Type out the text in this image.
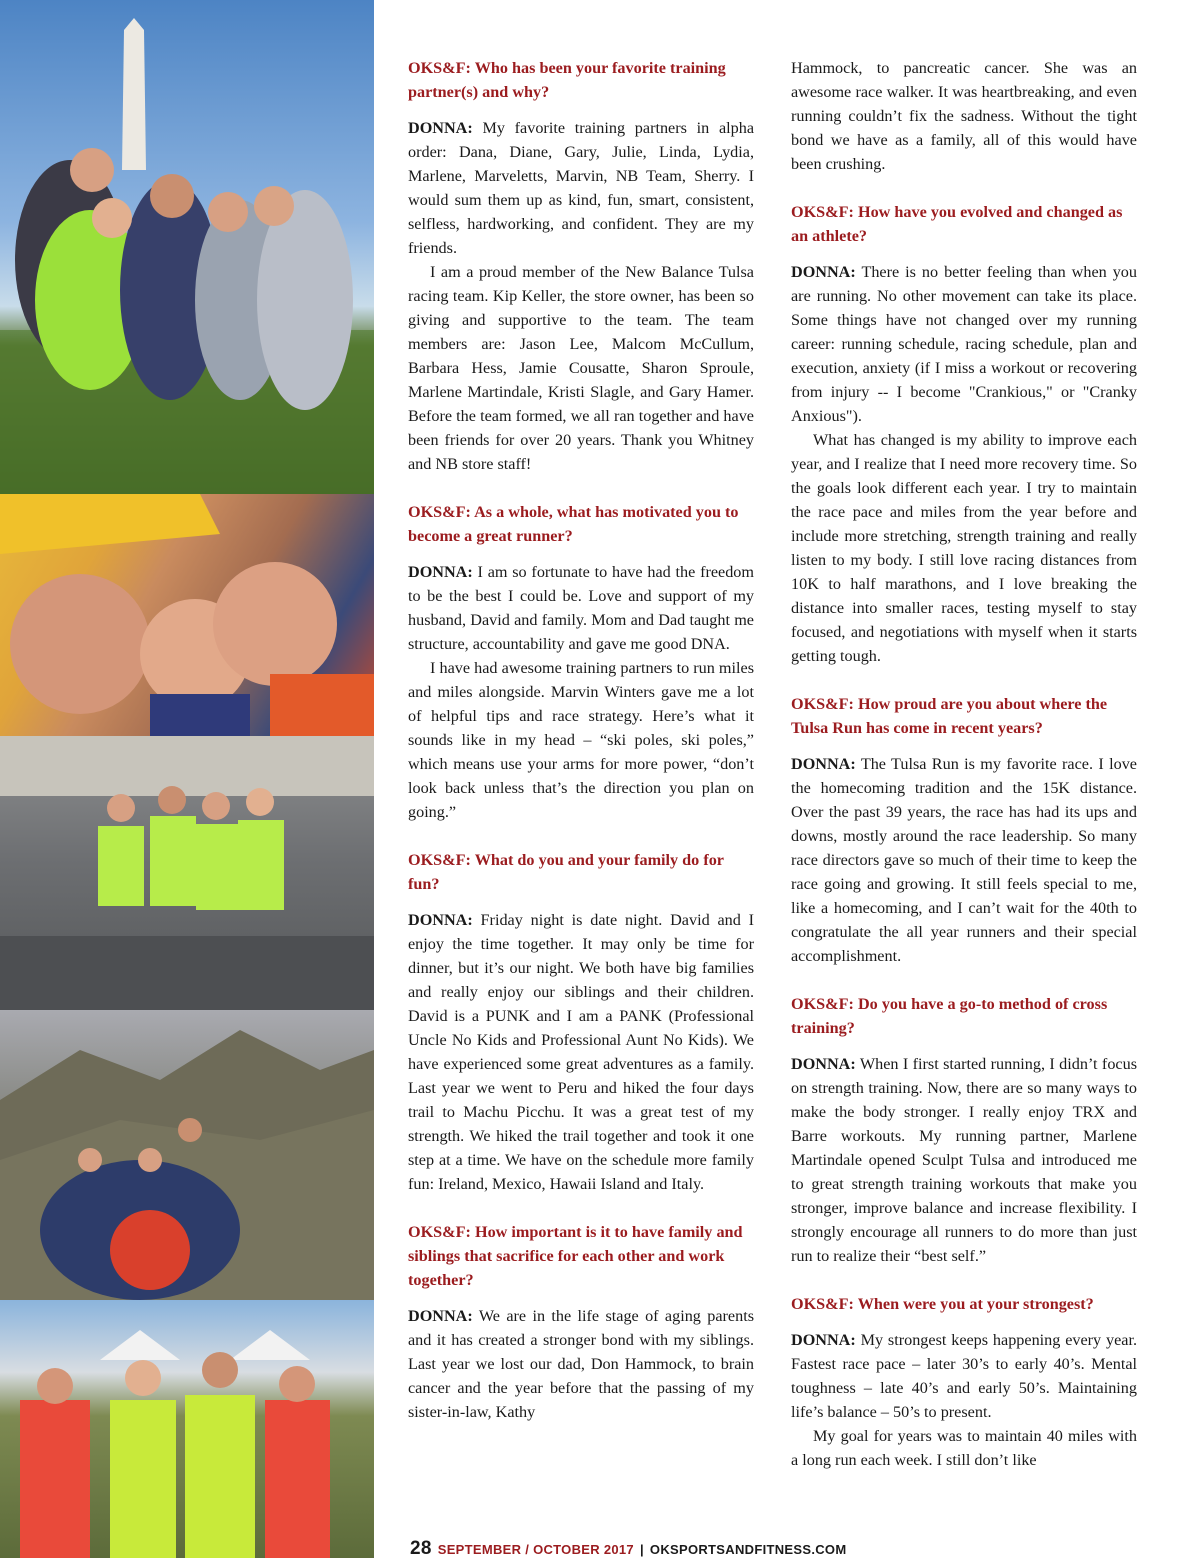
OKS&F: Who has been your favorite training partner(s) and why?

DONNA: My favorite training partners in alpha order: Dana, Diane, Gary, Julie, Linda, Lydia, Marlene, Marveletts, Marvin, NB Team, Sherry. I would sum them up as kind, fun, smart, consistent, selfless, hardworking, and confident. They are my friends.

I am a proud member of the New Balance Tulsa racing team. Kip Keller, the store owner, has been so giving and supportive to the team. The team members are: Jason Lee, Malcom McCullum, Barbara Hess, Jamie Cousatte, Sharon Sproule, Marlene Martindale, Kristi Slagle, and Gary Hamer. Before the team formed, we all ran together and have been friends for over 20 years. Thank you Whitney and NB store staff!

OKS&F: As a whole, what has motivated you to become a great runner?

DONNA: I am so fortunate to have had the freedom to be the best I could be. Love and support of my husband, David and family. Mom and Dad taught me structure, accountability and gave me good DNA.

I have had awesome training partners to run miles and miles alongside. Marvin Winters gave me a lot of helpful tips and race strategy. Here’s what it sounds like in my head – “ski poles, ski poles,” which means use your arms for more power, “don’t look back unless that’s the direction you plan on going.”

OKS&F: What do you and your family do for fun?

DONNA: Friday night is date night. David and I enjoy the time together. It may only be time for dinner, but it’s our night. We both have big families and really enjoy our siblings and their children. David is a PUNK and I am a PANK (Professional Uncle No Kids and Professional Aunt No Kids). We have experienced some great adventures as a family. Last year we went to Peru and hiked the four days trail to Machu Picchu. It was a great test of my strength. We hiked the trail together and took it one step at a time. We have on the schedule more family fun: Ireland, Mexico, Hawaii Island and Italy.

OKS&F: How important is it to have family and siblings that sacrifice for each other and work together?

DONNA: We are in the life stage of aging parents and it has created a stronger bond with my siblings. Last year we lost our dad, Don Hammock, to brain cancer and the year before that the passing of my sister-in-law, Kathy

Hammock, to pancreatic cancer. She was an awesome race walker. It was heartbreaking, and even running couldn’t fix the sadness. Without the tight bond we have as a family, all of this would have been crushing.

OKS&F: How have you evolved and changed as an athlete?

DONNA: There is no better feeling than when you are running. No other movement can take its place. Some things have not changed over my running career: running schedule, racing schedule, plan and execution, anxiety (if I miss a workout or recovering from injury -- I become "Crankious," or "Cranky Anxious").

What has changed is my ability to improve each year, and I realize that I need more recovery time. So the goals look different each year. I try to maintain the race pace and miles from the year before and include more stretching, strength training and really listen to my body. I still love racing distances from 10K to half marathons, and I love breaking the distance into smaller races, testing myself to stay focused, and negotiations with myself when it starts getting tough.

OKS&F: How proud are you about where the Tulsa Run has come in recent years?

DONNA: The Tulsa Run is my favorite race. I love the homecoming tradition and the 15K distance. Over the past 39 years, the race has had its ups and downs, mostly around the race leadership. So many race directors gave so much of their time to keep the race going and growing. It still feels special to me, like a homecoming, and I can’t wait for the 40th to congratulate the all year runners and their special accomplishment.

OKS&F: Do you have a go-to method of cross training?

DONNA: When I first started running, I didn’t focus on strength training. Now, there are so many ways to make the body stronger. I really enjoy TRX and Barre workouts. My running partner, Marlene Martindale opened Sculpt Tulsa and introduced me to great strength training workouts that make you stronger, improve balance and increase flexibility. I strongly encourage all runners to do more than just run to realize their “best self.”

OKS&F: When were you at your strongest?

DONNA: My strongest keeps happening every year. Fastest race pace – later 30’s to early 40’s. Mental toughness – late 40’s and early 50’s. Maintaining life’s balance – 50’s to present.

My goal for years was to maintain 40 miles with a long run each week. I still don’t like

28 SEPTEMBER / OCTOBER 2017 | OKSPORTSANDFITNESS.COM
